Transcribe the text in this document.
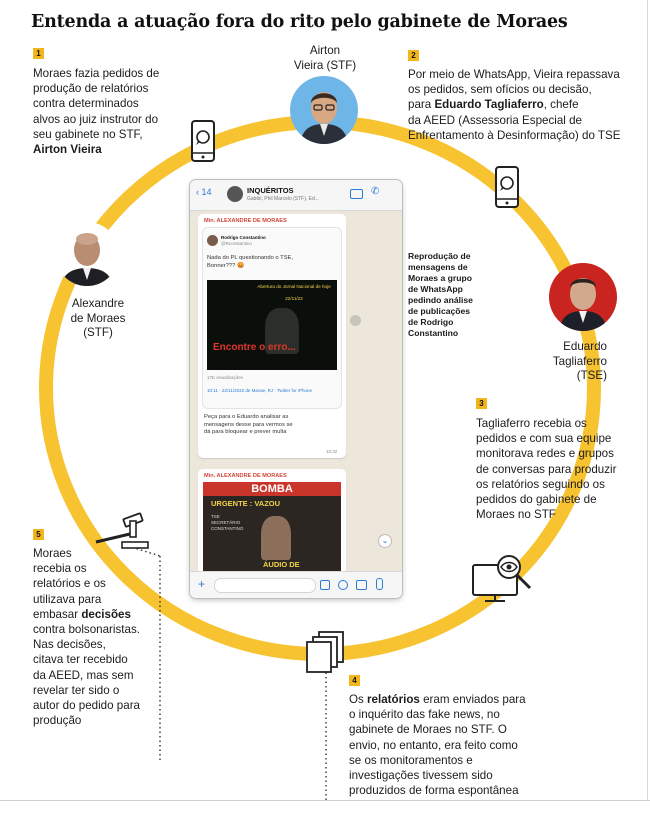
Entenda a atuação fora do rito pelo gabinete de Moraes
1	2
3
4
5
Moraes fazia pedidos de
produção de relatórios
contra determinados
alvos ao juiz instrutor do
seu gabinete no STF,
Airton Vieira
Por meio de WhatsApp, Vieira repassava
os pedidos, sem ofícios ou decisão,
para Eduardo Tagliaferro, chefe
da AEED (Assessoria Especial de
Enfrentamento à Desinformação) do TSE
Tagliaferro recebia os
pedidos e com sua equipe
monitorava redes e grupos
de conversas para produzir
os relatórios seguindo os
pedidos do gabinete de
Moraes no STF
Os relatórios eram enviados para
o inquérito das fake news, no
gabinete de Moraes no STF. O
envio, no entanto, era feito como
se os monitoramentos e
investigações tivessem sido
produzidos de forma espontânea
Moraes
recebia os
relatórios e os
utilizava para
embasar decisões
contra bolsonaristas.
Nas decisões,
citava ter recebido
da AEED, mas sem
revelar ter sido o
autor do pedido para
produção
Airton
Vieira (STF)
Alexandre
de Moraes
(STF)
Eduardo
Tagliaferro
(TSE)
‹ 14	INQUÉRITOS
Gabibi, Phil Marcelo (STF), Ed...
✆
Min. ALEXANDRE DE MORAES
Rodrigo Constantino
@Rconstantino
Nada do PL questionando o TSE,
Bonner??? 😡
Abertura do Jornal Nacional de hoje
22/11/22
Encontre o erro...
17K visualizações
10:11 · 22/11/2022 de Macae, RJ · Twitter for iPhone
Peça para o Eduardo analisar as
mensagens desse para vermos se
dá para bloquear e prever multa
10:32
Min. ALEXANDRE DE MORAES
BOMBA
URGENTE : VAZOU
TSE
SECRETÁRIO
CONSTANTINO
ÁUDIO DE
⌄
+
Reprodução de
mensagens de
Moraes a grupo
de WhatsApp
pedindo análise
de publicações
de Rodrigo
Constantino
